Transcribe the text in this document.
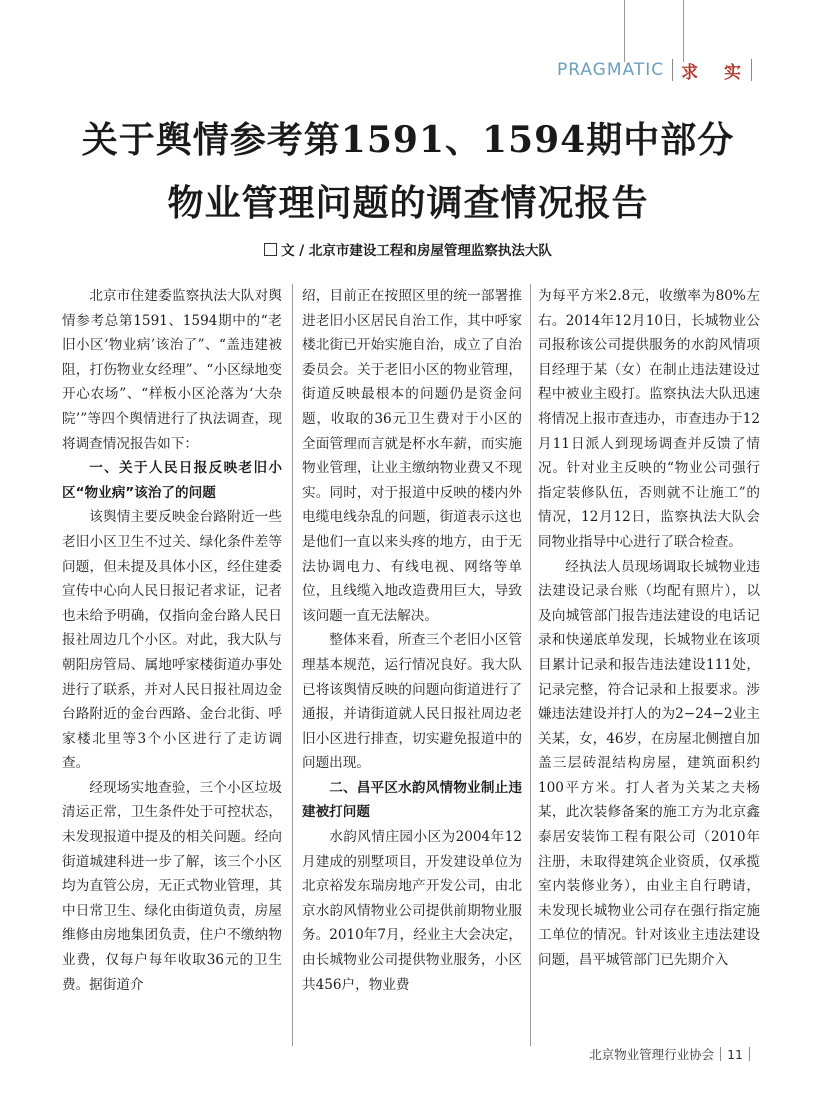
PRAGMATIC 求 实
关于舆情参考第1591、1594期中部分
物业管理问题的调查情况报告
文 / 北京市建设工程和房屋管理监察执法大队

北京市住建委监察执法大队对舆情参考总第1591、1594期中的“老旧小区‘物业病’该治了”、“盖违建被阻，打伤物业女经理”、“小区绿地变开心农场”、“样板小区沦落为‘大杂院’”等四个舆情进行了执法调查，现将调查情况报告如下：

一、关于人民日报反映老旧小区“物业病”该治了的问题

该舆情主要反映金台路附近一些老旧小区卫生不过关、绿化条件差等问题，但未提及具体小区，经住建委宣传中心向人民日报记者求证，记者也未给予明确，仅指向金台路人民日报社周边几个小区。对此，我大队与朝阳房管局、属地呼家楼街道办事处进行了联系，并对人民日报社周边金台路附近的金台西路、金台北街、呼家楼北里等3个小区进行了走访调查。

经现场实地查验，三个小区垃圾清运正常，卫生条件处于可控状态，未发现报道中提及的相关问题。经向街道城建科进一步了解，该三个小区均为直管公房，无正式物业管理，其中日常卫生、绿化由街道负责，房屋维修由房地集团负责，住户不缴纳物业费，仅每户每年收取36元的卫生费。据街道介

绍，目前正在按照区里的统一部署推进老旧小区居民自治工作，其中呼家楼北街已开始实施自治，成立了自治委员会。关于老旧小区的物业管理，街道反映最根本的问题仍是资金问题，收取的36元卫生费对于小区的全面管理而言就是杯水车薪，而实施物业管理，让业主缴纳物业费又不现实。同时，对于报道中反映的楼内外电缆电线杂乱的问题，街道表示这也是他们一直以来头疼的地方，由于无法协调电力、有线电视、网络等单位，且线缆入地改造费用巨大，导致该问题一直无法解决。

整体来看，所查三个老旧小区管理基本规范，运行情况良好。我大队已将该舆情反映的问题向街道进行了通报，并请街道就人民日报社周边老旧小区进行排查，切实避免报道中的问题出现。

二、昌平区水韵风情物业制止违建被打问题

水韵风情庄园小区为2004年12月建成的别墅项目，开发建设单位为北京裕发东瑞房地产开发公司，由北京水韵风情物业公司提供前期物业服务。2010年7月，经业主大会决定，由长城物业公司提供物业服务，小区共456户，物业费

为每平方米2.8元，收缴率为80%左右。2014年12月10日，长城物业公司报称该公司提供服务的水韵风情项目经理于某（女）在制止违法建设过程中被业主殴打。监察执法大队迅速将情况上报市查违办，市查违办于12月11日派人到现场调查并反馈了情况。针对业主反映的“物业公司强行指定装修队伍，否则就不让施工”的情况，12月12日，监察执法大队会同物业指导中心进行了联合检查。

经执法人员现场调取长城物业违法建设记录台账（均配有照片），以及向城管部门报告违法建设的电话记录和快递底单发现，长城物业在该项目累计记录和报告违法建设111处，记录完整，符合记录和上报要求。涉嫌违法建设并打人的为2−24−2业主关某，女，46岁，在房屋北侧擅自加盖三层砖混结构房屋，建筑面积约100平方米。打人者为关某之夫杨某，此次装修备案的施工方为北京鑫泰居安装饰工程有限公司（2010年注册，未取得建筑企业资质，仅承揽室内装修业务），由业主自行聘请，未发现长城物业公司存在强行指定施工单位的情况。针对该业主违法建设问题，昌平城管部门已先期介入

北京物业管理行业协会 11
